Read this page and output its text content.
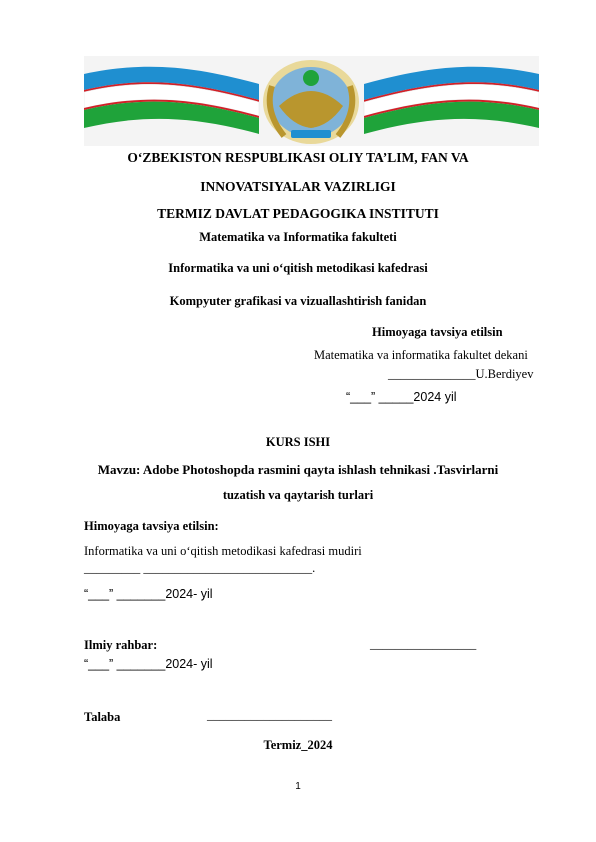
O‘ZBEKISTON RESPUBLIKASI OLIY TA’LIM, FAN VA
INNOVATSIYALAR VAZIRLIGI
TERMIZ DAVLAT PEDAGOGIKA INSTITUTI
Matematika va Informatika fakulteti
Informatika va uni o‘qitish metodikasi kafedrasi
Kompyuter grafikasi va vizuallashtirish fanidan
Himoyaga tavsiya etilsin
Matematika va informatika fakultet dekani
______________U.Berdiyev
“___” _____2024 yil
KURS ISHI
Mavzu: Adobe Photoshopda rasmini qayta ishlash tehnikasi .Tasvirlarni
tuzatish va qaytarish turlari
Himoyaga tavsiya etilsin:
Informatika va uni o‘qitish metodikasi kafedrasi mudiri
_________ ___________________________.
“___” _______2024- yil
Ilmiy rahbar:	_________________
“___” _______2024- yil
Talaba	____________________
Termiz_2024
1
